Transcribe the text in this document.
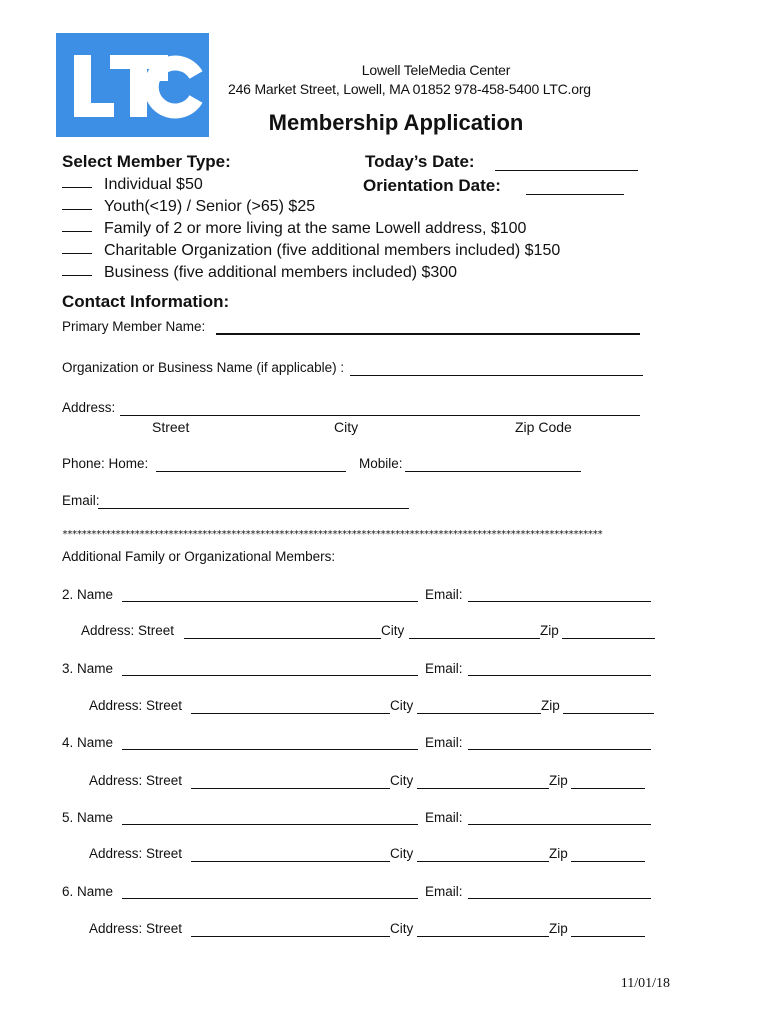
Lowell TeleMedia Center
246 Market Street, Lowell, MA 01852 978-458-5400 LTC.org
Membership Application
Select Member Type:	Today’s Date:
Orientation Date:
Individual $50
Youth(<19) / Senior (>65) $25
Family of 2 or more living at the same Lowell address, $100
Charitable Organization (five additional members included) $150
Business (five additional members included) $300
Contact Information:
Primary Member Name:
Organization or Business Name (if applicable) :
Address:
Street	City	Zip Code
Phone: Home:	Mobile:
Email:
****************************************************************************************************************
Additional Family or Organizational Members:
2. Name	Email:
Address: Street	City	Zip
3. Name	Email:
Address: Street	City	Zip
4. Name	Email:
Address: Street	City	Zip
5. Name	Email:
Address: Street	City	Zip
6. Name	Email:
Address: Street	City	Zip
11/01/18
